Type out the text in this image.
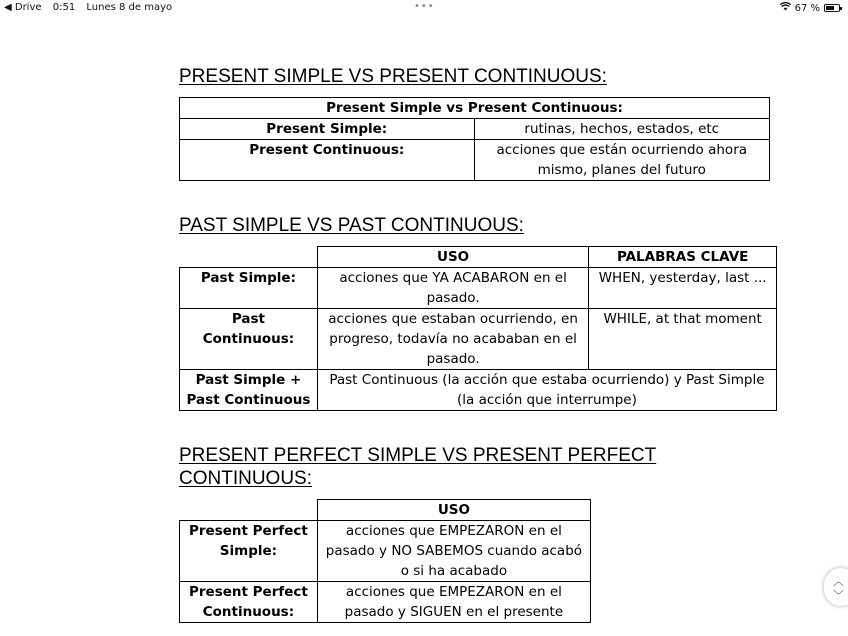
◀ Drive 0:51 Lunes 8 de mayo	•••	67 %
PRESENT SIMPLE VS PRESENT CONTINUOUS:
Present Simple vs Present Continuous:	
Present Simple:	rutinas, hechos, estados, etc
Present Continuous:	acciones que están ocurriendo ahora mismo, planes del futuro
PAST SIMPLE VS PAST CONTINUOUS:
	USO	PALABRAS CLAVE
Past Simple:	acciones que YA ACABARON en el pasado.	WHEN, yesterday, last ...
Past Continuous:	acciones que estaban ocurriendo, en progreso, todavía no acababan en el pasado.	WHILE, at that moment
Past Simple + Past Continuous	Past Continuous (la acción que estaba ocurriendo) y Past Simple (la acción que interrumpe)	
PRESENT PERFECT SIMPLE VS PRESENT PERFECT CONTINUOUS:
	USO
Present Perfect Simple:	acciones que EMPEZARON en el pasado y NO SABEMOS cuando acabó o si ha acabado
Present Perfect Continuous:	acciones que EMPEZARON en el pasado y SIGUEN en el presente
︿
﹀
